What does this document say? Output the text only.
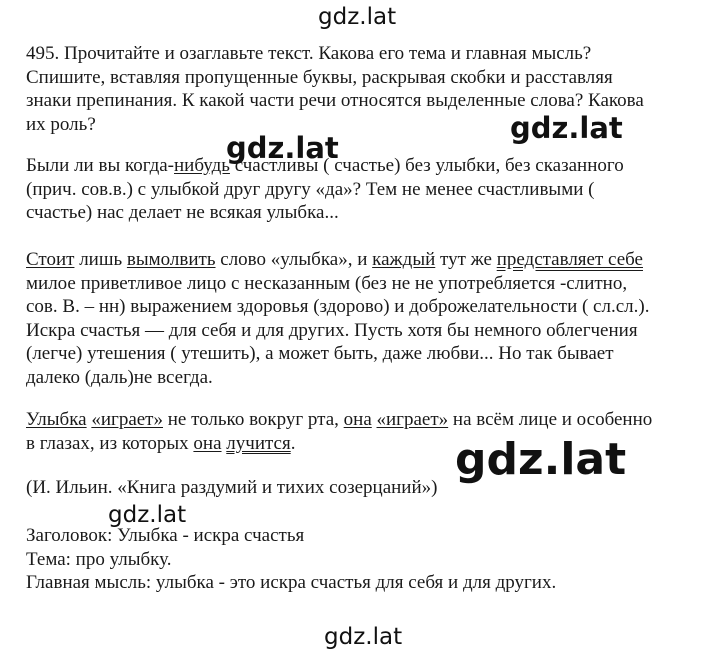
gdz.lat
495. Прочитайте и озаглавьте текст. Какова его тема и главная мысль?
Спишите, вставляя пропущенные буквы, раскрывая скобки и расставляя
знаки препинания. К какой части речи относятся выделенные слова? Какова
их роль?
Были ли вы когда-нибудь счастливы ( счастье) без улыбки, без сказанного
(прич. сов.в.) с улыбкой друг другу «да»? Тем не менее счастливыми (
счастье) нас делает не всякая улыбка...
Стоит лишь вымолвить слово «улыбка», и каждый тут же представляет себе
милое приветливое лицо с несказанным (без не не употребляется -слитно,
сов. В. – нн) выражением здоровья (здорово) и доброжелательности ( сл.сл.).
Искра счастья — для себя и для других. Пусть хотя бы немного облегчения
(легче) утешения ( утешить), а может быть, даже любви... Но так бывает
далеко (даль)не всегда.
Улыбка «играет» не только вокруг рта, она «играет» на всём лице и особенно
в глазах, из которых она лучится.
(И. Ильин. «Книга раздумий и тихих созерцаний»)
Заголовок: Улыбка - искра счастья
Тема: про улыбку.
Главная мысль: улыбка - это искра счастья для себя и для других.
gdz.lat
gdz.lat
gdz.lat
gdz.lat
gdz.lat
